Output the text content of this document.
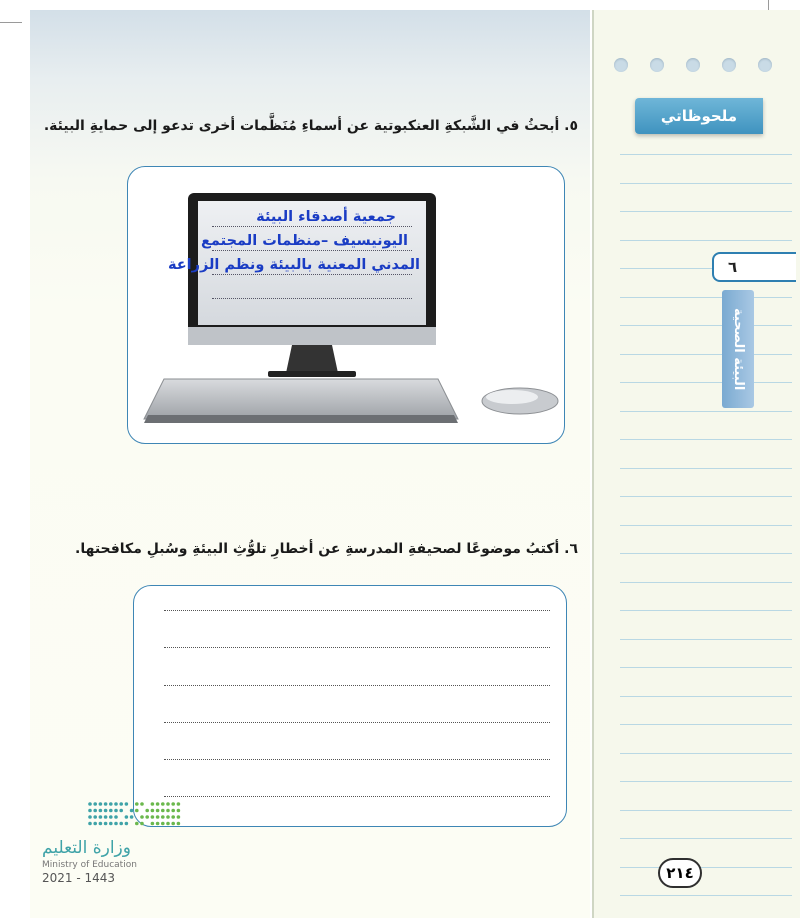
ملحوظاتي
٦
البيئة الصحية
٥. أبحثُ في الشَّبكةِ العنكبوتية عن أسماءِ مُنَظَّمات أخرى تدعو إلى حمايةِ البيئة.
جمعية أصدقاء البيئة
اليونيسيف –منظمات المجتمع
المدني المعنية بالبيئة ونظم الزراعة
٦. أكتبُ موضوعًا لصحيفةِ المدرسةِ عن أخطارِ تلوُّثِ البيئةِ وسُبلِ مكافحتها.
وزارة التعليم
Ministry of Education
2021 - 1443	٢١٤
